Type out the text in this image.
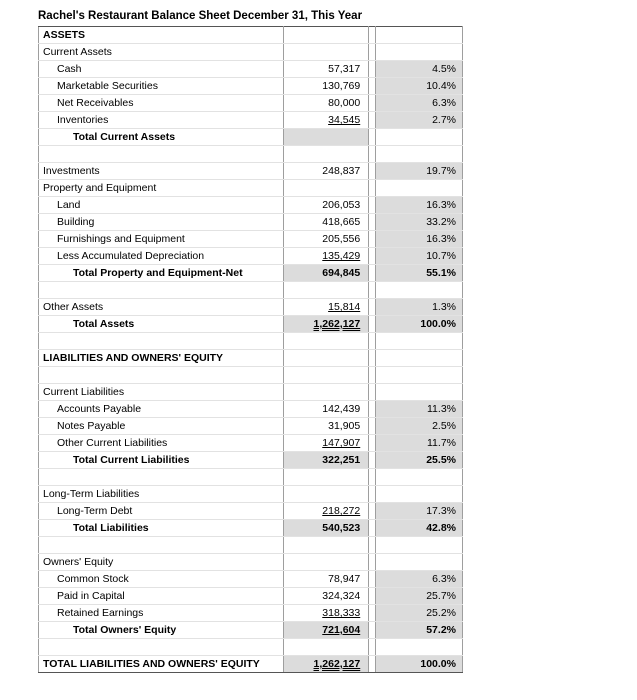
Rachel's Restaurant Balance Sheet December 31, This Year
ASSETS			
Current Assets			
Cash	57,317		4.5%
Marketable Securities	130,769		10.4%
Net Receivables	80,000		6.3%
Inventories	34,545		2.7%
Total Current Assets			

Investments	248,837		19.7%
Property and Equipment			
Land	206,053		16.3%
Building	418,665		33.2%
Furnishings and Equipment	205,556		16.3%
Less Accumulated Depreciation	135,429		10.7%
Total Property and Equipment-Net	694,845		55.1%

Other Assets	15,814		1.3%
Total Assets	1,262,127		100.0%

LIABILITIES AND OWNERS' EQUITY			

Current Liabilities			
Accounts Payable	142,439		11.3%
Notes Payable	31,905		2.5%
Other Current Liabilities	147,907		11.7%
Total Current Liabilities	322,251		25.5%

Long-Term Liabilities			
Long-Term Debt	218,272		17.3%
Total Liabilities	540,523		42.8%

Owners' Equity			
Common Stock	78,947		6.3%
Paid in Capital	324,324		25.7%
Retained Earnings	318,333		25.2%
Total Owners' Equity	721,604		57.2%

TOTAL LIABILITIES AND OWNERS' EQUITY	1,262,127		100.0%
